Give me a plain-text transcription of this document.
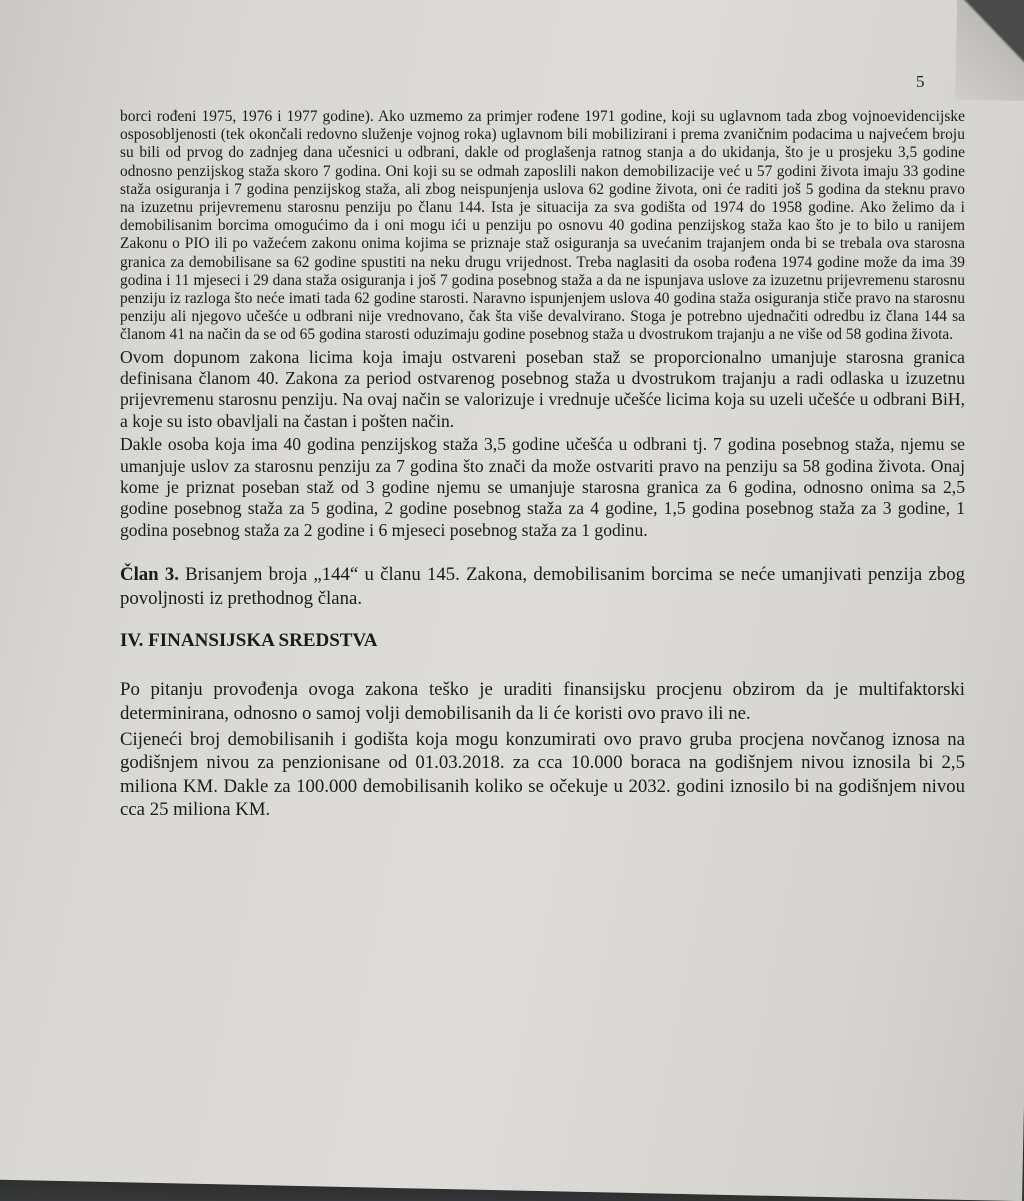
5

borci rođeni 1975, 1976 i 1977 godine). Ako uzmemo za primjer rođene 1971 godine, koji su uglavnom tada zbog vojnoevidencijske osposobljenosti (tek okončali redovno služenje vojnog roka) uglavnom bili mobilizirani i prema zvaničnim podacima u najvećem broju su bili od prvog do zadnjeg dana učesnici u odbrani, dakle od proglašenja ratnog stanja a do ukidanja, što je u prosjeku 3,5 godine odnosno penzijskog staža skoro 7 godina. Oni koji su se odmah zaposlili nakon demobilizacije već u 57 godini života imaju 33 godine staža osiguranja i 7 godina penzijskog staža, ali zbog neispunjenja uslova 62 godine života, oni će raditi još 5 godina da steknu pravo na izuzetnu prijevremenu starosnu penziju po članu 144. Ista je situacija za sva godišta od 1974 do 1958 godine. Ako želimo da i demobilisanim borcima omogućimo da i oni mogu ići u penziju po osnovu 40 godina penzijskog staža kao što je to bilo u ranijem Zakonu o PIO ili po važećem zakonu onima kojima se priznaje staž osiguranja sa uvećanim trajanjem onda bi se trebala ova starosna granica za demobilisane sa 62 godine spustiti na neku drugu vrijednost. Treba naglasiti da osoba rođena 1974 godine može da ima 39 godina i 11 mjeseci i 29 dana staža osiguranja i još 7 godina posebnog staža a da ne ispunjava uslove za izuzetnu prijevremenu starosnu penziju iz razloga što neće imati tada 62 godine starosti. Naravno ispunjenjem uslova 40 godina staža osiguranja stiče pravo na starosnu penziju ali njegovo učešće u odbrani nije vrednovano, čak šta više devalvirano. Stoga je potrebno ujednačiti odredbu iz člana 144 sa članom 41 na način da se od 65 godina starosti oduzimaju godine posebnog staža u dvostrukom trajanju a ne više od 58 godina života.

Ovom dopunom zakona licima koja imaju ostvareni poseban staž se proporcionalno umanjuje starosna granica definisana članom 40. Zakona za period ostvarenog posebnog staža u dvostrukom trajanju a radi odlaska u izuzetnu prijevremenu starosnu penziju. Na ovaj način se valorizuje i vrednuje učešće licima koja su uzeli učešće u odbrani BiH, a koje su isto obavljali na častan i pošten način.

Dakle osoba koja ima 40 godina penzijskog staža 3,5 godine učešća u odbrani tj. 7 godina posebnog staža, njemu se umanjuje uslov za starosnu penziju za 7 godina što znači da može ostvariti pravo na penziju sa 58 godina života. Onaj kome je priznat poseban staž od 3 godine njemu se umanjuje starosna granica za 6 godina, odnosno onima sa 2,5 godine posebnog staža za 5 godina, 2 godine posebnog staža za 4 godine, 1,5 godina posebnog staža za 3 godine, 1 godina posebnog staža za 2 godine i 6 mjeseci posebnog staža za 1 godinu.

Član 3. Brisanjem broja „144“ u članu 145. Zakona, demobilisanim borcima se neće umanjivati penzija zbog povoljnosti iz prethodnog člana.

IV. FINANSIJSKA SREDSTVA

Po pitanju provođenja ovoga zakona teško je uraditi finansijsku procjenu obzirom da je multifaktorski determinirana, odnosno o samoj volji demobilisanih da li će koristi ovo pravo ili ne.

Cijeneći broj demobilisanih i godišta koja mogu konzumirati ovo pravo gruba procjena novčanog iznosa na godišnjem nivou za penzionisane od 01.03.2018. za cca 10.000 boraca na godišnjem nivou iznosila bi 2,5 miliona KM. Dakle za 100.000 demobilisanih koliko se očekuje u 2032. godini iznosilo bi na godišnjem nivou cca 25 miliona KM.
